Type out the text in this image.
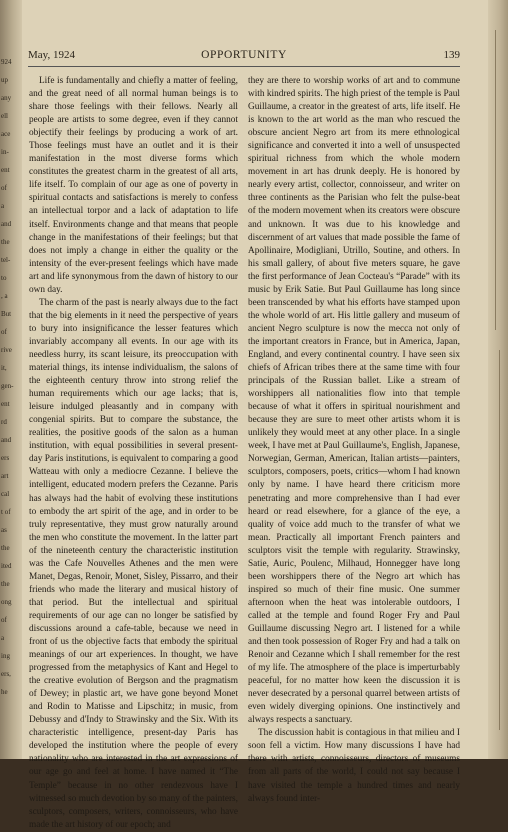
924
up
any
ell
ace
in-
ent
of
a
and
the
tel-
to
, a
But
of
rive
it,
gen-
ent
rd
and
ers
art
cal
t of
as
the
ited
the
ong
of
a
ing
ers,
he
OPPORTUNITY
May, 1924	139

Life is fundamentally and chiefly a matter of feeling, and the great need of all normal human beings is to share those feelings with their fellows. Nearly all people are artists to some degree, even if they cannot objectify their feelings by producing a work of art. Those feelings must have an outlet and it is their manifestation in the most diverse forms which constitutes the greatest charm in the greatest of all arts, life itself. To complain of our age as one of poverty in spiritual contacts and satisfactions is merely to confess an intellectual torpor and a lack of adaptation to life itself. Environments change and that means that people change in the manifestations of their feelings; but that does not imply a change in either the quality or the intensity of the ever-present feelings which have made art and life synonymous from the dawn of history to our own day.

The charm of the past is nearly always due to the fact that the big elements in it need the perspective of years to bury into insignificance the lesser features which invariably accompany all events. In our age with its needless hurry, its scant leisure, its preoccupation with material things, its intense individualism, the salons of the eighteenth century throw into strong relief the human requirements which our age lacks; that is, leisure indulged pleasantly and in company with congenial spirits. But to compare the substance, the realities, the positive goods of the salon as a human institution, with equal possibilities in several present-day Paris institutions, is equivalent to comparing a good Watteau with only a mediocre Cezanne. I believe the intelligent, educated modern prefers the Cezanne. Paris has always had the habit of evolving these institutions to embody the art spirit of the age, and in order to be truly representative, they must grow naturally around the men who constitute the movement. In the latter part of the nineteenth century the characteristic institution was the Cafe Nouvelles Athenes and the men were Manet, Degas, Renoir, Monet, Sisley, Pissarro, and their friends who made the literary and musical history of that period. But the intellectual and spiritual requirements of our age can no longer be satisfied by discussions around a cafe-table, because we need in front of us the objective facts that embody the spiritual meanings of our art experiences. In thought, we have progressed from the metaphysics of Kant and Hegel to the creative evolution of Bergson and the pragmatism of Dewey; in plastic art, we have gone beyond Monet and Rodin to Matisse and Lipschitz; in music, from Debussy and d'Indy to Strawinsky and the Six. With its characteristic intelligence, present-day Paris has developed the institution where the people of every nationality who are interested in the art expressions of our age go and feel at home. I have named it “The Temple” because in no other rendezvous have I witnessed so much devotion by so many of the painters, sculptors, composers, writers, connoisseurs, who have made the art history of our epoch; and

they are there to worship works of art and to commune with kindred spirits. The high priest of the temple is Paul Guillaume, a creator in the greatest of arts, life itself. He is known to the art world as the man who rescued the obscure ancient Negro art from its mere ethnological significance and converted it into a well of unsuspected spiritual richness from which the whole modern movement in art has drunk deeply. He is honored by nearly every artist, collector, connoisseur, and writer on three continents as the Parisian who felt the pulse-beat of the modern movement when its creators were obscure and unknown. It was due to his knowledge and discernment of art values that made possible the fame of Apollinaire, Modigliani, Utrillo, Soutine, and others. In his small gallery, of about five meters square, he gave the first performance of Jean Cocteau's “Parade” with its music by Erik Satie. But Paul Guillaume has long since been transcended by what his efforts have stamped upon the whole world of art. His little gallery and museum of ancient Negro sculpture is now the mecca not only of the important creators in France, but in America, Japan, England, and every continental country. I have seen six chiefs of African tribes there at the same time with four principals of the Russian ballet. Like a stream of worshippers all nationalities flow into that temple because of what it offers in spiritual nourishment and because they are sure to meet other artists whom it is unlikely they would meet at any other place. In a single week, I have met at Paul Guillaume's, English, Japanese, Norwegian, German, American, Italian artists—painters, sculptors, composers, poets, critics—whom I had known only by name. I have heard there criticism more penetrating and more comprehensive than I had ever heard or read elsewhere, for a glance of the eye, a quality of voice add much to the transfer of what we mean. Practically all important French painters and sculptors visit the temple with regularity. Strawinsky, Satie, Auric, Poulenc, Milhaud, Honnegger have long been worshippers there of the Negro art which has inspired so much of their fine music. One summer afternoon when the heat was intolerable outdoors, I called at the temple and found Roger Fry and Paul Guillaume discussing Negro art. I listened for a while and then took possession of Roger Fry and had a talk on Renoir and Cezanne which I shall remember for the rest of my life. The atmosphere of the place is imperturbably peaceful, for no matter how keen the discussion it is never desecrated by a personal quarrel between artists of even widely diverging opinions. One instinctively and always respects a sanctuary.

The discussion habit is contagious in that milieu and I soon fell a victim. How many discussions I have had there with artists, connoisseurs, directors of museums from all parts of the world, I could not say because I have visited the temple a hundred times and nearly always found inter-
